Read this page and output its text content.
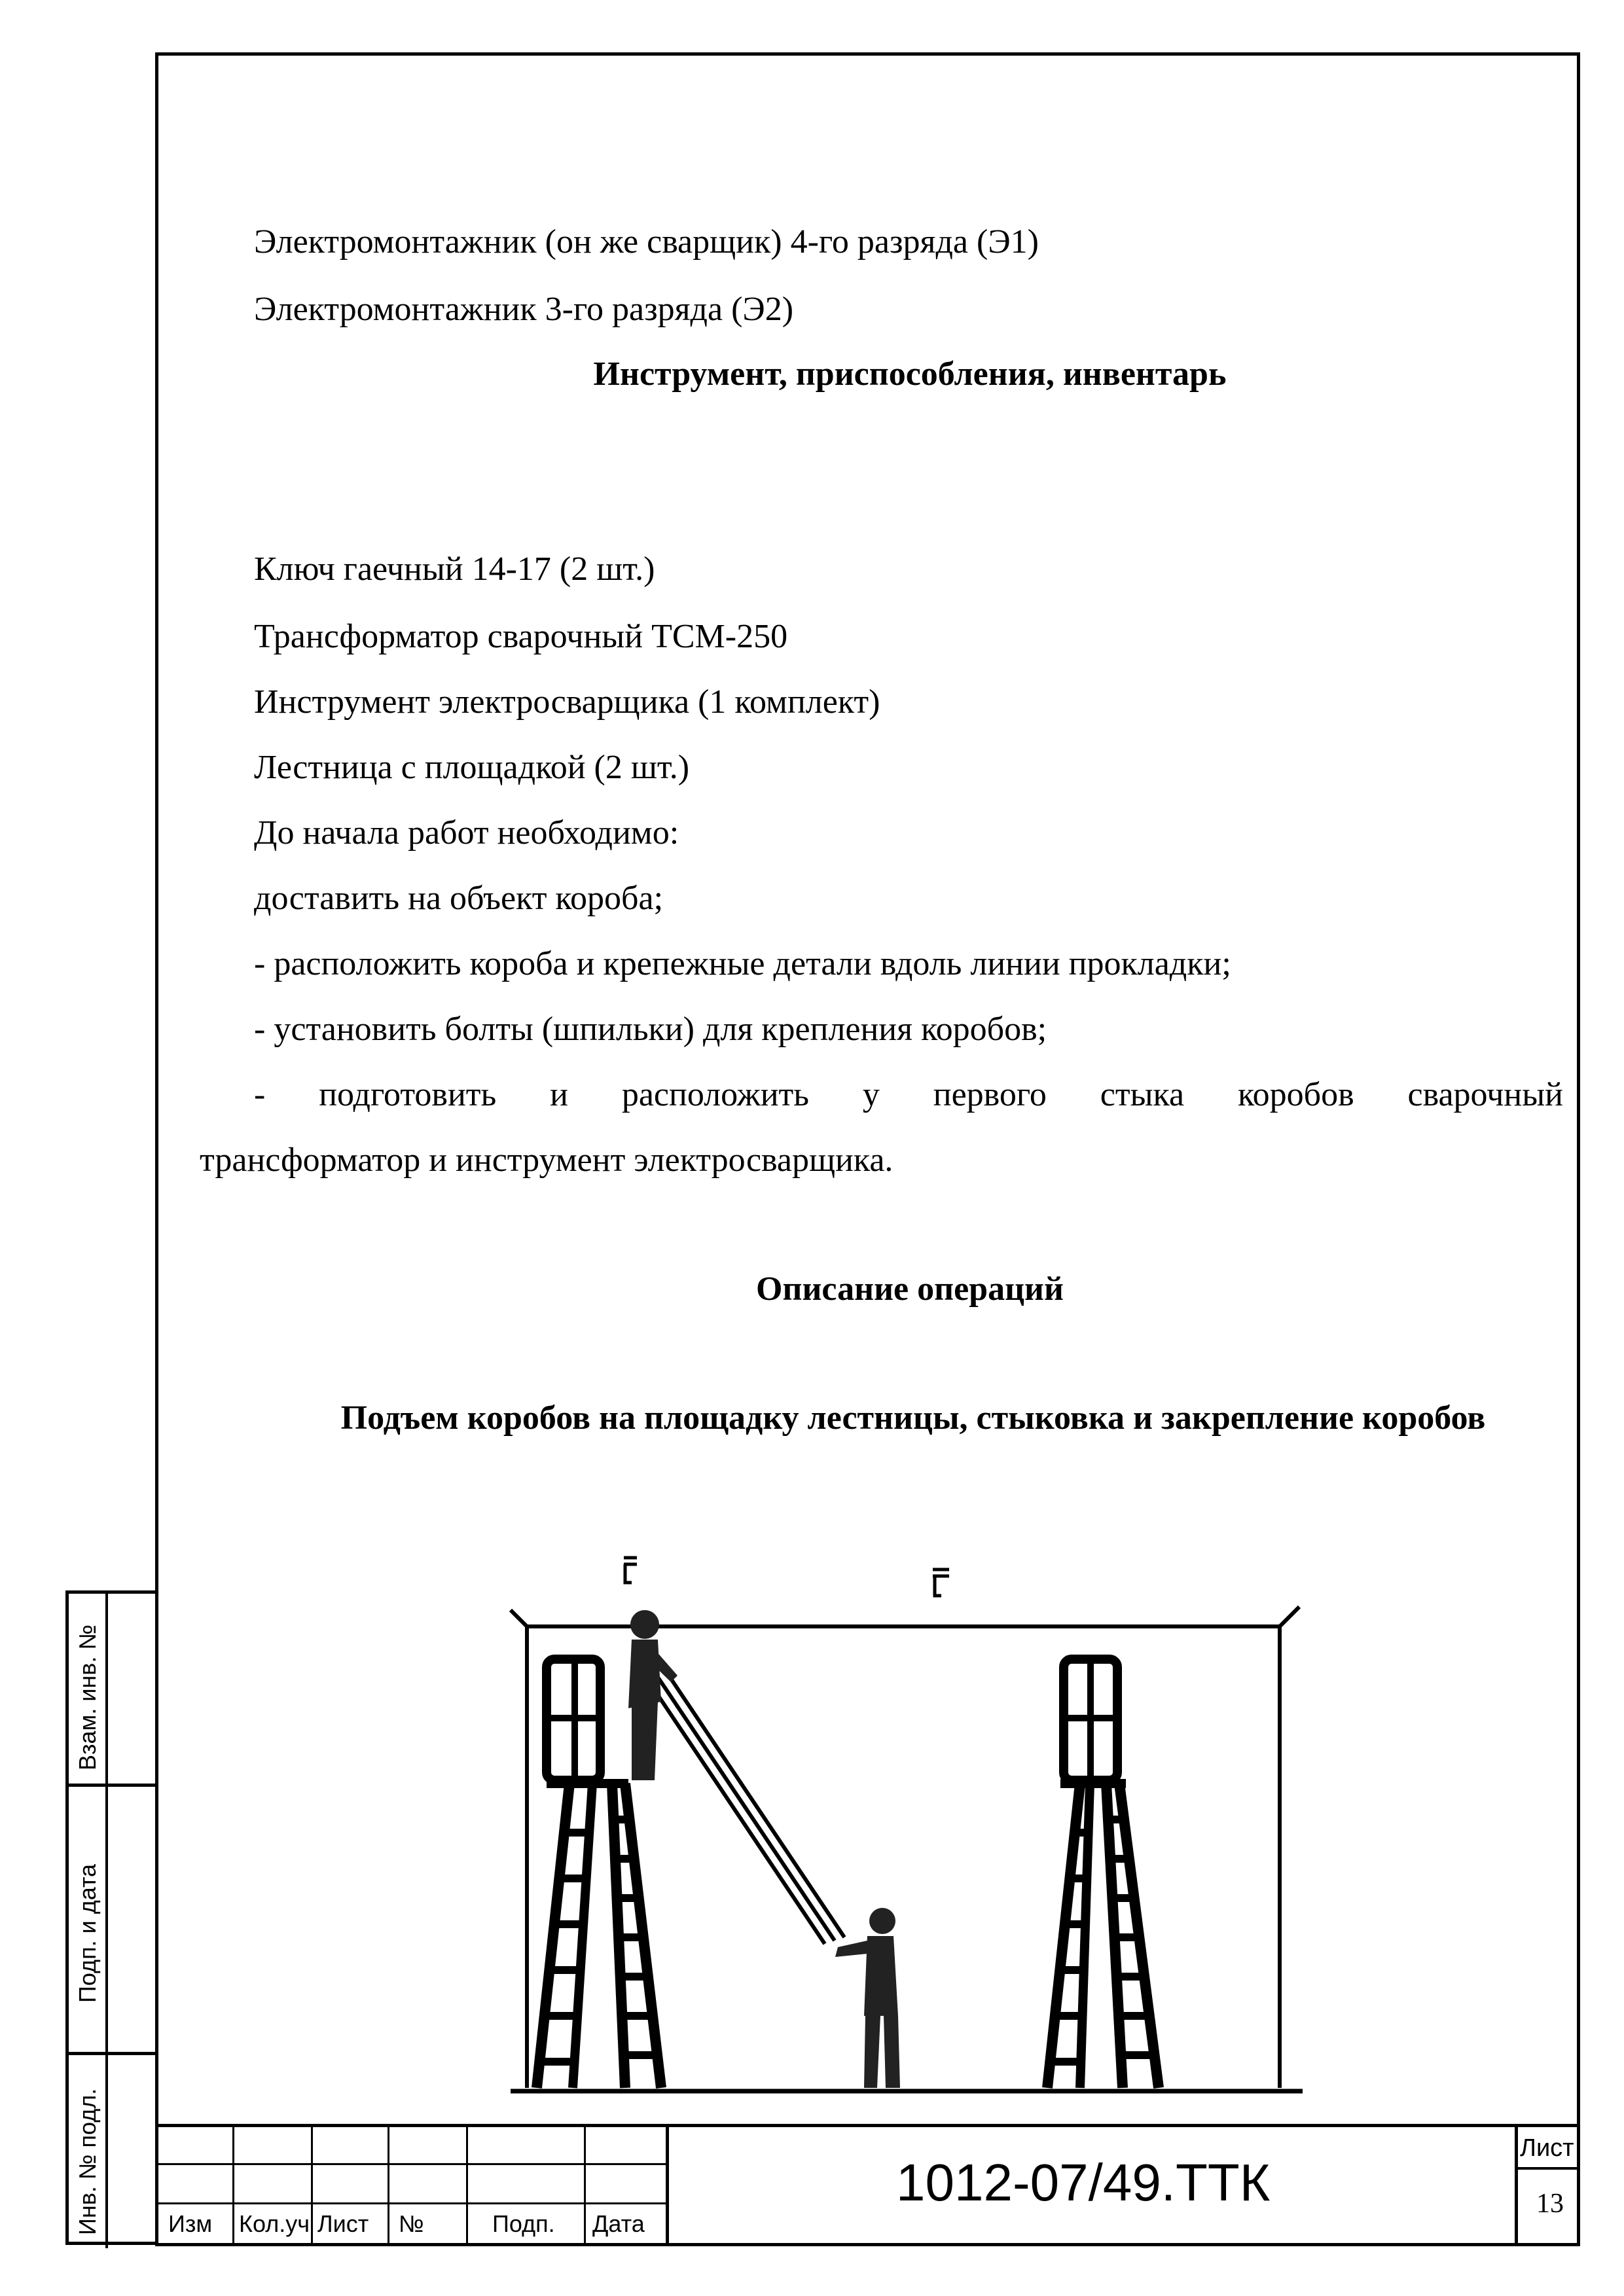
Электромонтажник (он же сварщик) 4-го разряда (Э1)
Электромонтажник 3-го разряда (Э2)
Инструмент, приспособления, инвентарь
Ключ гаечный 14-17 (2 шт.)
Трансформатор сварочный ТСМ-250
Инструмент электросварщика (1 комплект)
Лестница с площадкой (2 шт.)
До начала работ необходимо:
доставить на объект короба;
- расположить короба и крепежные детали вдоль линии прокладки;
- установить болты (шпильки) для крепления коробов;
- подготовить и расположить у первого стыка коробов сварочный
трансформатор и инструмент электросварщика.
Описание операций
Подъем коробов на площадку лестницы, стыковка и закрепление коробов
Взам. инв. №
Подп. и дата
Инв. № подл.	Изм Кол.уч Лист №	Подп. Дата
1012-07/49.ТТК
Лист
13
